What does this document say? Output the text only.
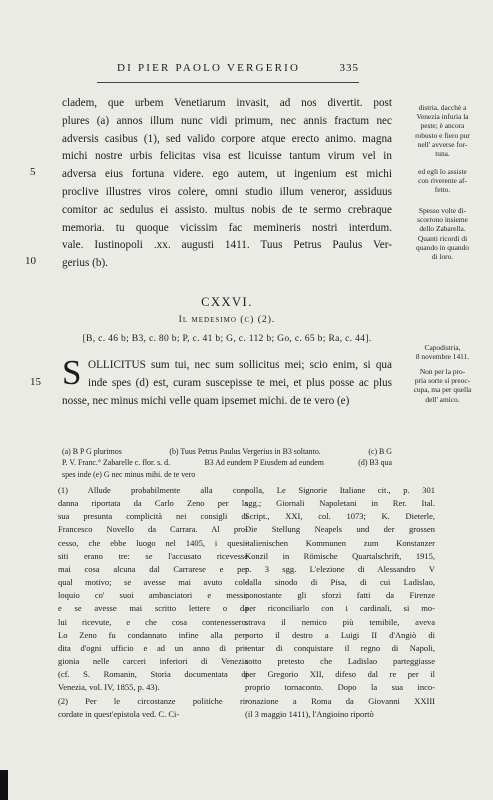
DI PIER PAOLO VERGERIO	335
cladem, que urbem Venetiarum invasit, ad nos divertit. post
plures (a) annos illum nunc vidi primum, nec annis fractum nec
adversis casibus (1), sed valido corpore atque erecto animo. magna
michi nostre urbis felicitas visa est licuisse tantum virum vel in
adversa eius fortuna videre. ego autem, ut ingenium est michi
proclive illustres viros colere, omni studio illum veneror, assiduus
comitor ac sedulus ei assisto. multus nobis de te sermo crebraque
memoria. tu quoque vicissim fac memineris nostri interdum.
vale. Iustinopoli .xx. augusti 1411. Tuus Petrus Paulus Ver-
gerius (b).
5
10
distria, dacchè a
Venezia infuria la
peste; è ancora
robusto e fiero pur
nell' avverse for-
tuna.
ed egli lo assiste
con riverente af-
fetto.
Spesso volte di-
scorrono insieme
dello Zabarella.
Quanti ricordi di
quando in quando
di loro.
CXXVI.
Il medesimo (c) (2).
[B, c. 46 b; B3, c. 80 b; P, c. 41 b; G, c. 112 b; Go, c. 65 b; Ra, c. 44].
S OLLICITUS sum tui, nec sum sollicitus mei; scio enim, si qua
inde spes (d) est, curam suscepisse te mei, et plus posse ac plus
nosse, nec minus michi velle quam ipsemet michi. de te vero (e)
15
Capodistria,
8 novembre 1411.
Non per la pro-
pria sorte si preoc-
cupa, ma per quella
dell' amico.
(a) B P G plurimos	(b) Tuus Petrus Paulus Vergerius in B3 soltanto.	(c) B G
P. V. Franc.° Zabarelle c. flor. s. d.	B3 Ad eundem P Eiusdem ad eundem	(d) B3 qua
spes inde (e) G nec minus mihi. de te vero
(1) Allude probabilmente alla con-
danna riportata da Carlo Zeno per la
sua presunta complicità nei consigli di
Francesco Novello da Carrara. Al pro-
cesso, che ebbe luogo nel 1405, i quesi-
siti erano tre: se l'accusato ricevesse
mai cosa alcuna dal Carrarese e per
qual motivo; se avesse mai avuto col-
loquio co' suoi ambasciatori e messi;
e se avesse mai scritto lettere o da
lui ricevute, e che cosa contenessero.
Lo Zeno fu condannato infine alla per-
dita d'ogni ufficio e ad un anno di pri-
gionia nelle carceri inferiori di Venezia
(cf. S. Romanin, Storia documentata di
Venezia, vol. IV, 1855, p. 43).
(2) Per le circostanze politiche ri-
cordate in quest'epistola ved. C. Ci-
polla, Le Signorie Italiane cit., p. 301
sgg.; Giornali Napoletani in Rer. Ital.
Script., XXI, col. 1073; K. Dieterle,
Die Stellung Neapels und der grossen
italienischen Kommunen zum Konstanzer
Konzil in Römische Quartalschrift, 1915,
p. 3 sgg. L'elezione di Alessandro V
dalla sinodo di Pisa, di cui Ladislao,
nonostante gli sforzi fatti da Firenze
per riconciliarlo con i cardinali, si mo-
strava il nemico più temibile, aveva
porto il destro a Luigi II d'Angiò di
tentar di conquistare il regno di Napoli,
sotto pretesto che Ladislao parteggiasse
per Gregorio XII, difeso dal re per il
proprio tornaconto. Dopo la sua inco-
ronazione a Roma da Giovanni XXIII
(il 3 maggio 1411), l'Angioino riportò
